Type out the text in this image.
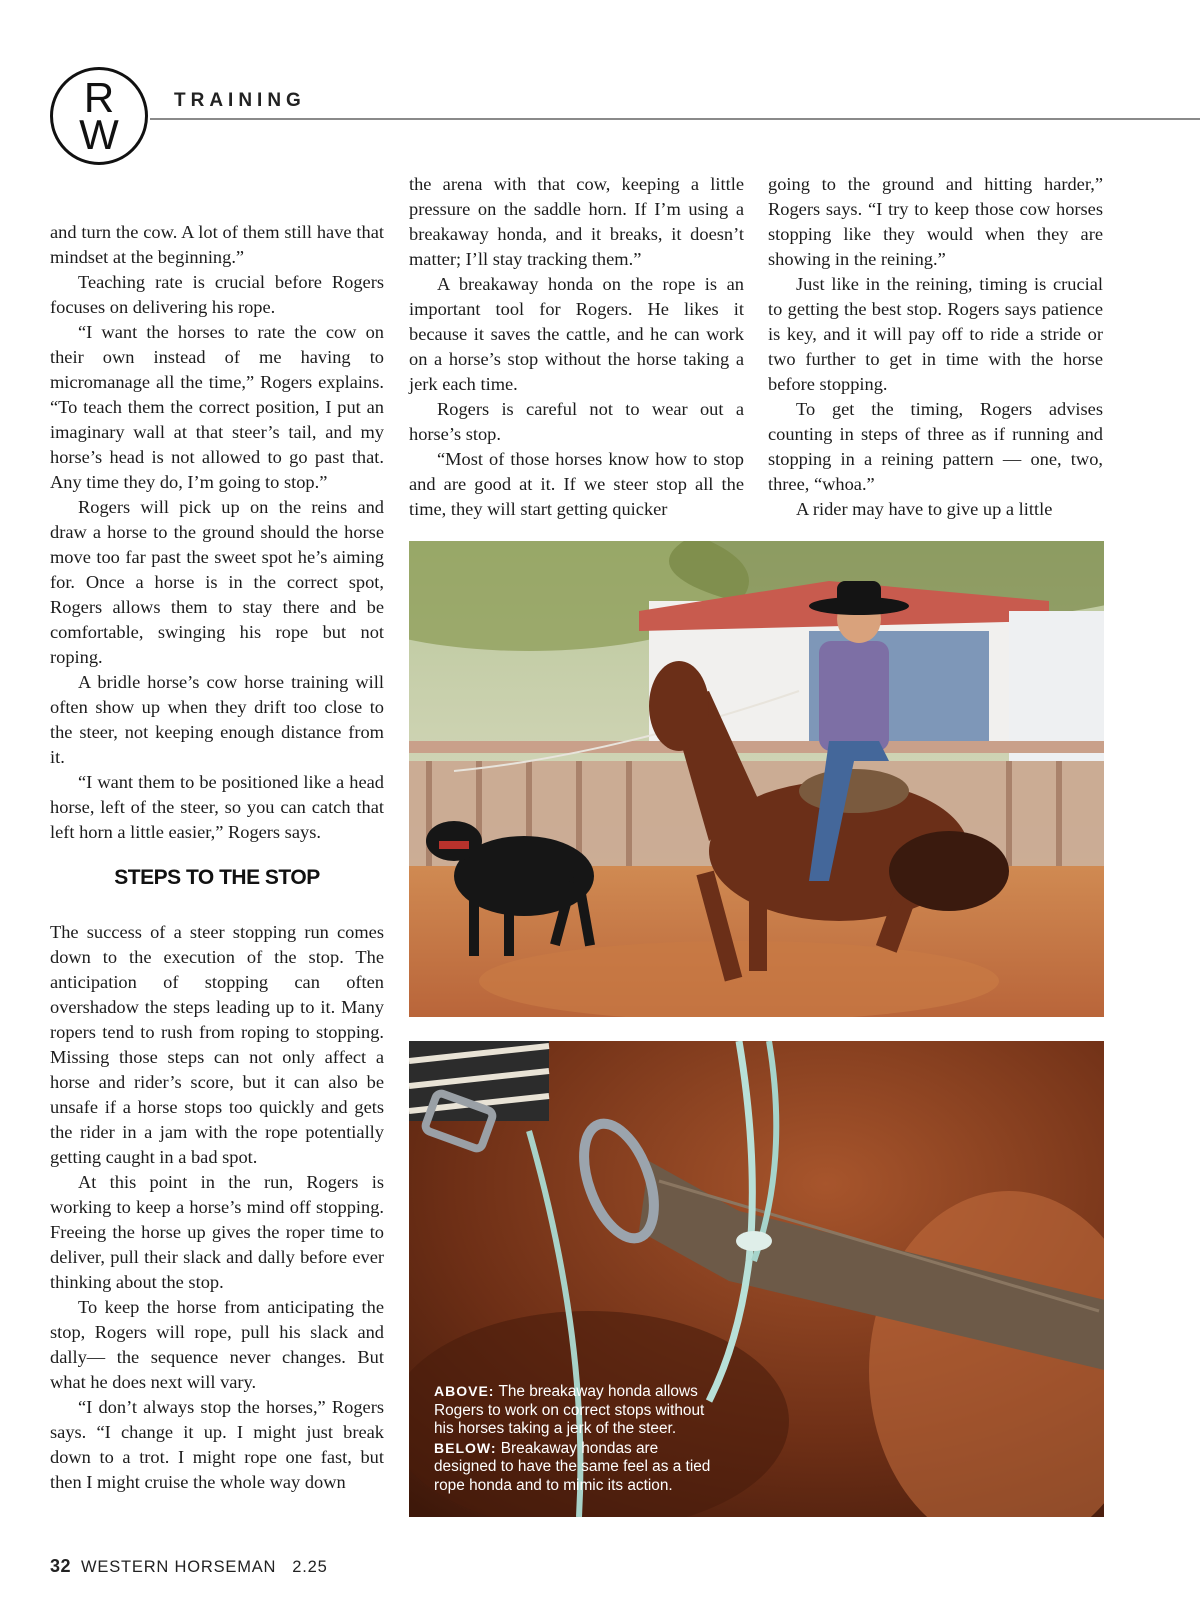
R
W
TRAINING

and turn the cow. A lot of them still have that mindset at the beginning.”

Teaching rate is crucial before Rogers focuses on delivering his rope.

“I want the horses to rate the cow on their own instead of me having to micromanage all the time,” Rogers explains. “To teach them the correct position, I put an imaginary wall at that steer’s tail, and my horse’s head is not allowed to go past that. Any time they do, I’m going to stop.”

Rogers will pick up on the reins and draw a horse to the ground should the horse move too far past the sweet spot he’s aiming for. Once a horse is in the correct spot, Rogers allows them to stay there and be comfortable, swinging his rope but not roping.

A bridle horse’s cow horse training will often show up when they drift too close to the steer, not keeping enough distance from it.

“I want them to be positioned like a head horse, left of the steer, so you can catch that left horn a little easier,” Rogers says.

STEPS TO THE STOP

The success of a steer stopping run comes down to the execution of the stop. The anticipation of stopping can often overshadow the steps leading up to it. Many ropers tend to rush from roping to stopping. Missing those steps can not only affect a horse and rider’s score, but it can also be unsafe if a horse stops too quickly and gets the rider in a jam with the rope potentially getting caught in a bad spot.

At this point in the run, Rogers is working to keep a horse’s mind off stopping. Freeing the horse up gives the roper time to deliver, pull their slack and dally before ever thinking about the stop.

To keep the horse from anticipating the stop, Rogers will rope, pull his slack and dally— the sequence never changes. But what he does next will vary.

“I don’t always stop the horses,” Rogers says. “I change it up. I might just break down to a trot. I might rope one fast, but then I might cruise the whole way down

the arena with that cow, keeping a little pressure on the saddle horn. If I’m using a breakaway honda, and it breaks, it doesn’t matter; I’ll stay tracking them.”

A breakaway honda on the rope is an important tool for Rogers. He likes it because it saves the cattle, and he can work on a horse’s stop without the horse taking a jerk each time.

Rogers is careful not to wear out a horse’s stop.

“Most of those horses know how to stop and are good at it. If we steer stop all the time, they will start getting quicker

going to the ground and hitting harder,” Rogers says. “I try to keep those cow horses stopping like they would when they are showing in the reining.”

Just like in the reining, timing is crucial to getting the best stop. Rogers says patience is key, and it will pay off to ride a stride or two further to get in time with the horse before stopping.

To get the timing, Rogers advises counting in steps of three as if running and stopping in a reining pattern — one, two, three, “whoa.”

A rider may have to give up a little

ABOVE: The breakaway honda allows Rogers to work on correct stops without his horses taking a jerk of the steer. BELOW: Breakaway hondas are designed to have the same feel as a tied rope honda and to mimic its action.
32 WESTERN HORSEMAN 2.25
